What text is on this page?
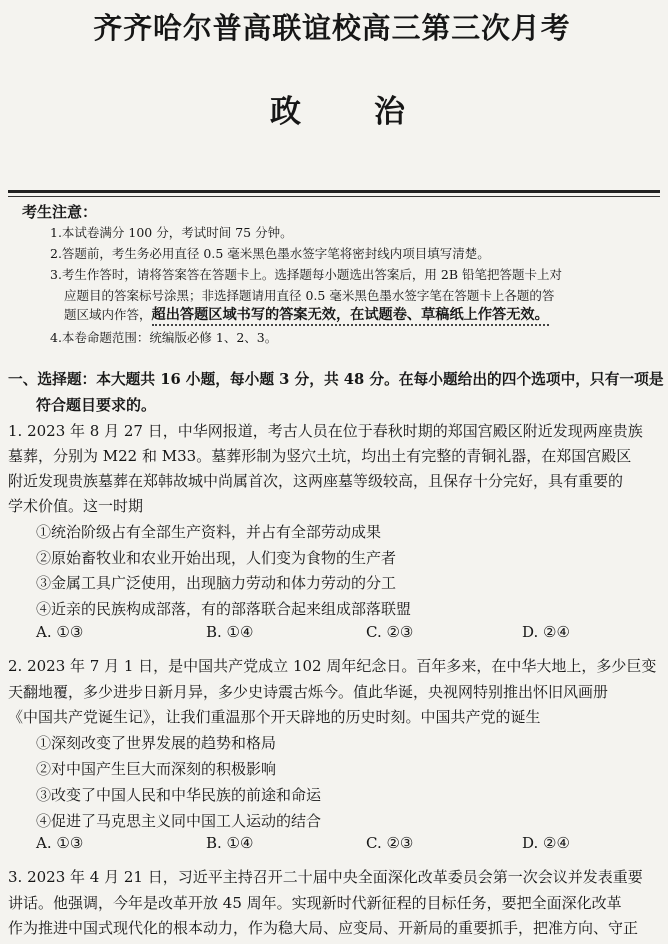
齐齐哈尔普高联谊校高三第三次月考
政 治
考生注意：
1.本试卷满分 100 分，考试时间 75 分钟。
2.答题前，考生务必用直径 0.5 毫米黑色墨水签字笔将密封线内项目填写清楚。
3.考生作答时，请将答案答在答题卡上。选择题每小题选出答案后，用 2B 铅笔把答题卡上对
应题目的答案标号涂黑；非选择题请用直径 0.5 毫米黑色墨水签字笔在答题卡上各题的答
题区域内作答，超出答题区域书写的答案无效，在试题卷、草稿纸上作答无效。
4.本卷命题范围：统编版必修 1、2、3。
一、选择题：本大题共 16 小题，每小题 3 分，共 48 分。在每小题给出的四个选项中，只有一项是
符合题目要求的。
1. 2023 年 8 月 27 日，中华网报道，考古人员在位于春秋时期的郑国宫殿区附近发现两座贵族
墓葬，分别为 M22 和 M33。墓葬形制为竖穴土坑，均出土有完整的青铜礼器，在郑国宫殿区
附近发现贵族墓葬在郑韩故城中尚属首次，这两座墓等级较高，且保存十分完好，具有重要的
学术价值。这一时期
①统治阶级占有全部生产资料，并占有全部劳动成果
②原始畜牧业和农业开始出现，人们变为食物的生产者
③金属工具广泛使用，出现脑力劳动和体力劳动的分工
④近亲的民族构成部落，有的部落联合起来组成部落联盟
A. ①③	B. ①④	C. ②③	D. ②④
2. 2023 年 7 月 1 日，是中国共产党成立 102 周年纪念日。百年多来，在中华大地上，多少巨变
天翻地覆，多少进步日新月异，多少史诗震古烁今。值此华诞，央视网特别推出怀旧风画册
《中国共产党诞生记》，让我们重温那个开天辟地的历史时刻。中国共产党的诞生
①深刻改变了世界发展的趋势和格局
②对中国产生巨大而深刻的积极影响
③改变了中国人民和中华民族的前途和命运
④促进了马克思主义同中国工人运动的结合
A. ①③	B. ①④	C. ②③	D. ②④
3. 2023 年 4 月 21 日，习近平主持召开二十届中央全面深化改革委员会第一次会议并发表重要
讲话。他强调，今年是改革开放 45 周年。实现新时代新征程的目标任务，要把全面深化改革
作为推进中国式现代化的根本动力，作为稳大局、应变局、开新局的重要抓手，把准方向、守正
